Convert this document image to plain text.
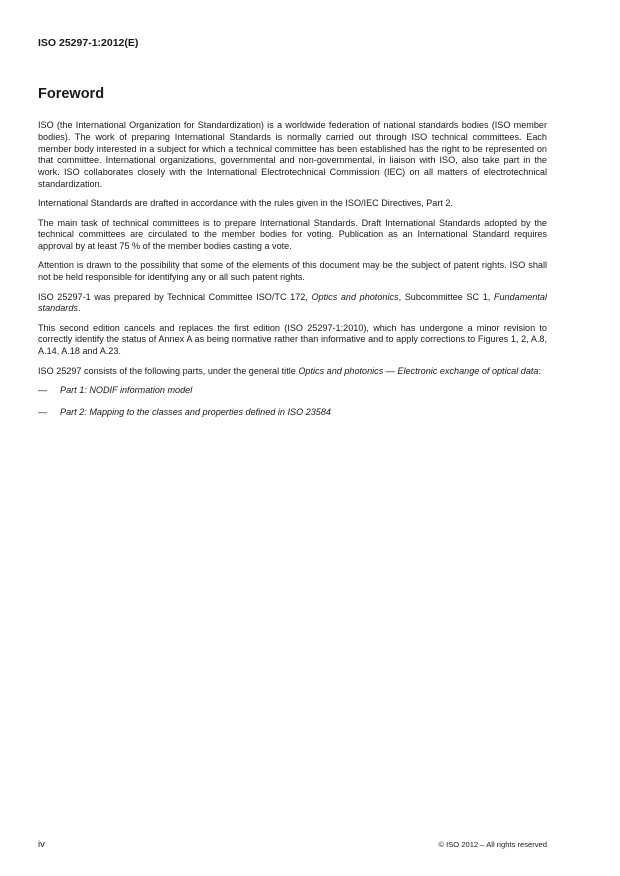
ISO 25297-1:2012(E)
Foreword

ISO (the International Organization for Standardization) is a worldwide federation of national standards bodies (ISO member bodies). The work of preparing International Standards is normally carried out through ISO technical committees. Each member body interested in a subject for which a technical committee has been established has the right to be represented on that committee. International organizations, governmental and non-governmental, in liaison with ISO, also take part in the work. ISO collaborates closely with the International Electrotechnical Commission (IEC) on all matters of electrotechnical standardization.

International Standards are drafted in accordance with the rules given in the ISO/IEC Directives, Part 2.

The main task of technical committees is to prepare International Standards. Draft International Standards adopted by the technical committees are circulated to the member bodies for voting. Publication as an International Standard requires approval by at least 75 % of the member bodies casting a vote.

Attention is drawn to the possibility that some of the elements of this document may be the subject of patent rights. ISO shall not be held responsible for identifying any or all such patent rights.

ISO 25297-1 was prepared by Technical Committee ISO/TC 172, Optics and photonics, Subcommittee SC 1, Fundamental standards.

This second edition cancels and replaces the first edition (ISO 25297-1:2010), which has undergone a minor revision to correctly identify the status of Annex A as being normative rather than informative and to apply corrections to Figures 1, 2, A.8, A.14, A.18 and A.23.

ISO 25297 consists of the following parts, under the general title Optics and photonics — Electronic exchange of optical data:

—	Part 1: NODIF information model
—	Part 2: Mapping to the classes and properties defined in ISO 23584
iv	© ISO 2012 – All rights reserved
